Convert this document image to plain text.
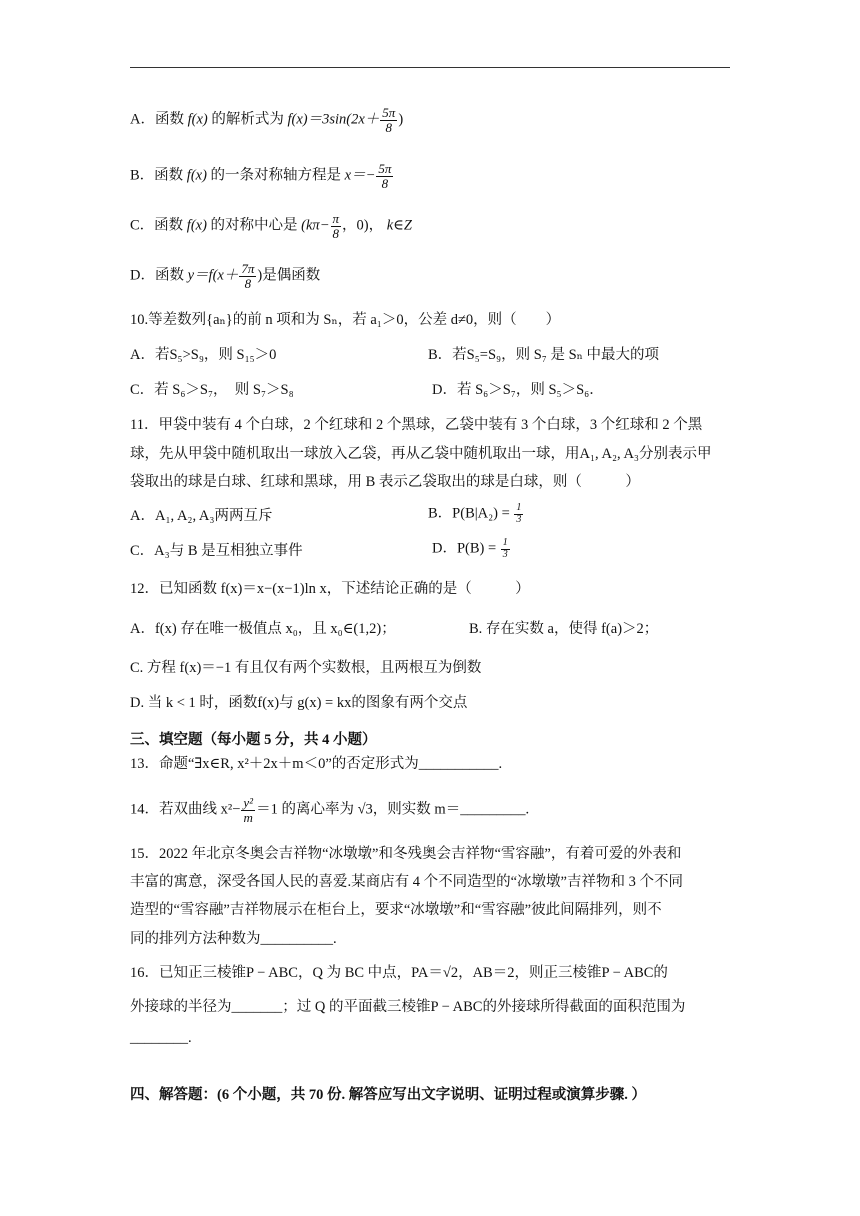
A．函数 f(x) 的解析式为 $f(x)=3\sin(2x+ \frac{5\pi}{8}$ )
B．函数 f(x) 的一条对称轴方程是 $x=- \frac{5\pi}{8}$
C．函数 f(x) 的对称中心是 ($k\pi- \frac{\pi}{8}$ ，0)， k∈Z
D．函数 $y=f(x+ \frac{7\pi}{8}$ )是偶函数
10.等差数列{aₙ}的前 n 项和为 Sₙ，若 a₁＞0，公差 d≠0，则（　　）
A．若S₅>S₉，则 S₁₅＞0	B．若S₅=S₉，则 S₇ 是 Sₙ 中最大的项
C．若 S₆＞S₇，　则 S₇＞S₈	D．若 S₆＞S₇，则 S₅＞S₆．
11．甲袋中装有 4 个白球，2 个红球和 2 个黑球，乙袋中装有 3 个白球，3 个红球和 2 个黑
球，先从甲袋中随机取出一球放入乙袋，再从乙袋中随机取出一球，用A₁, A₂, A₃分别表示甲
袋取出的球是白球、红球和黑球，用 B 表示乙袋取出的球是白球，则（　　　）
A．A₁, A₂, A₃两两互斥	B．$P(B|A_2) = \frac{1}{3}$
C．A₃与 B 是互相独立事件	D．$P(B) = \frac{1}{3}$
12．已知函数 f(x)＝x−(x−1)ln x，下述结论正确的是（　　　）
A．f(x) 存在唯一极值点 x₀，且 x₀∈(1,2)；	B. 存在实数 a，使得 f(a)＞2；
C. 方程 f(x)＝−1 有且仅有两个实数根，且两根互为倒数
D. 当 k < 1 时，函数f(x)与 g(x) = kx的图象有两个交点
三、填空题（每小题 5 分，共 4 小题）
13．命题“∃x∈R, x²＋2x＋m＜0”的否定形式为___________.
14．若双曲线 $x^2- \frac{\text{y²}}{m} =1$ 的离心率为 √3，则实数 m＝_________.
15．2022 年北京冬奥会吉祥物“冰墩墩”和冬残奥会吉祥物“雪容融”，有着可爱的外表和
丰富的寓意，深受各国人民的喜爱.某商店有 4 个不同造型的“冰墩墩”吉祥物和 3 个不同
造型的“雪容融”吉祥物展示在柜台上，要求“冰墩墩”和“雪容融”彼此间隔排列，则不
同的排列方法种数为__________.
16．已知正三棱锥P − ABC，Q 为 BC 中点，PA＝√2，AB＝2，则正三棱锥P − ABC的
外接球的半径为_______；过 Q 的平面截三棱锥P − ABC的外接球所得截面的面积范围为
________.
四、解答题：(6 个小题，共 70 份. 解答应写出文字说明、证明过程或演算步骤. ）
